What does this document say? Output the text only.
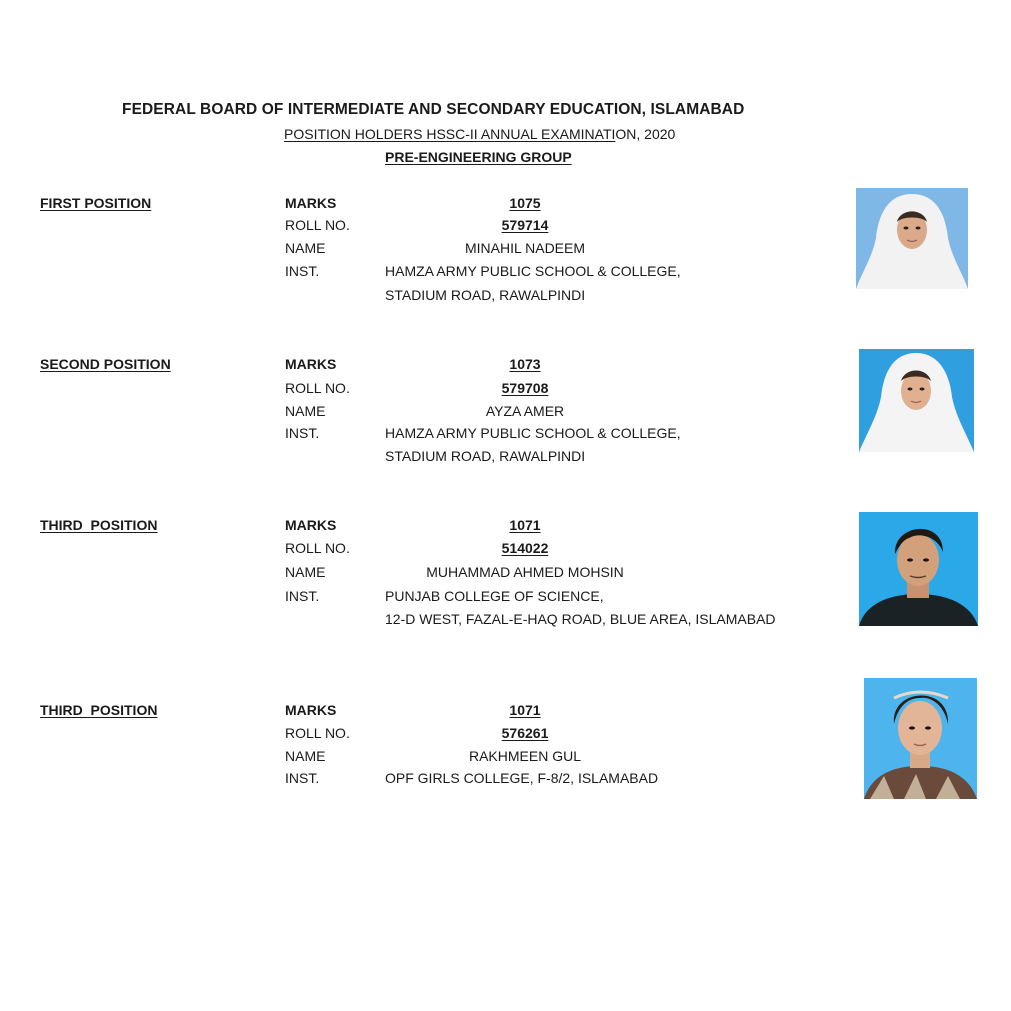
FEDERAL BOARD OF INTERMEDIATE AND SECONDARY EDUCATION, ISLAMABAD
POSITION HOLDERS HSSC-II ANNUAL EXAMINATION, 2020
PRE-ENGINEERING GROUP
FIRST POSITION	MARKS	1075
ROLL NO.	579714
NAME	MINAHIL NADEEM
INST.	HAMZA ARMY PUBLIC SCHOOL & COLLEGE,
STADIUM ROAD, RAWALPINDI
SECOND POSITION	MARKS	1073
ROLL NO.	579708
NAME	AYZA AMER
INST.	HAMZA ARMY PUBLIC SCHOOL & COLLEGE,
STADIUM ROAD, RAWALPINDI
THIRD  POSITION	MARKS	1071
ROLL NO.	514022
NAME	MUHAMMAD AHMED MOHSIN
INST.	PUNJAB COLLEGE OF SCIENCE,
12-D WEST, FAZAL-E-HAQ ROAD, BLUE AREA, ISLAMABAD
THIRD  POSITION	MARKS	1071
ROLL NO.	576261
NAME	RAKHMEEN GUL
INST.	OPF GIRLS COLLEGE, F-8/2, ISLAMABAD
